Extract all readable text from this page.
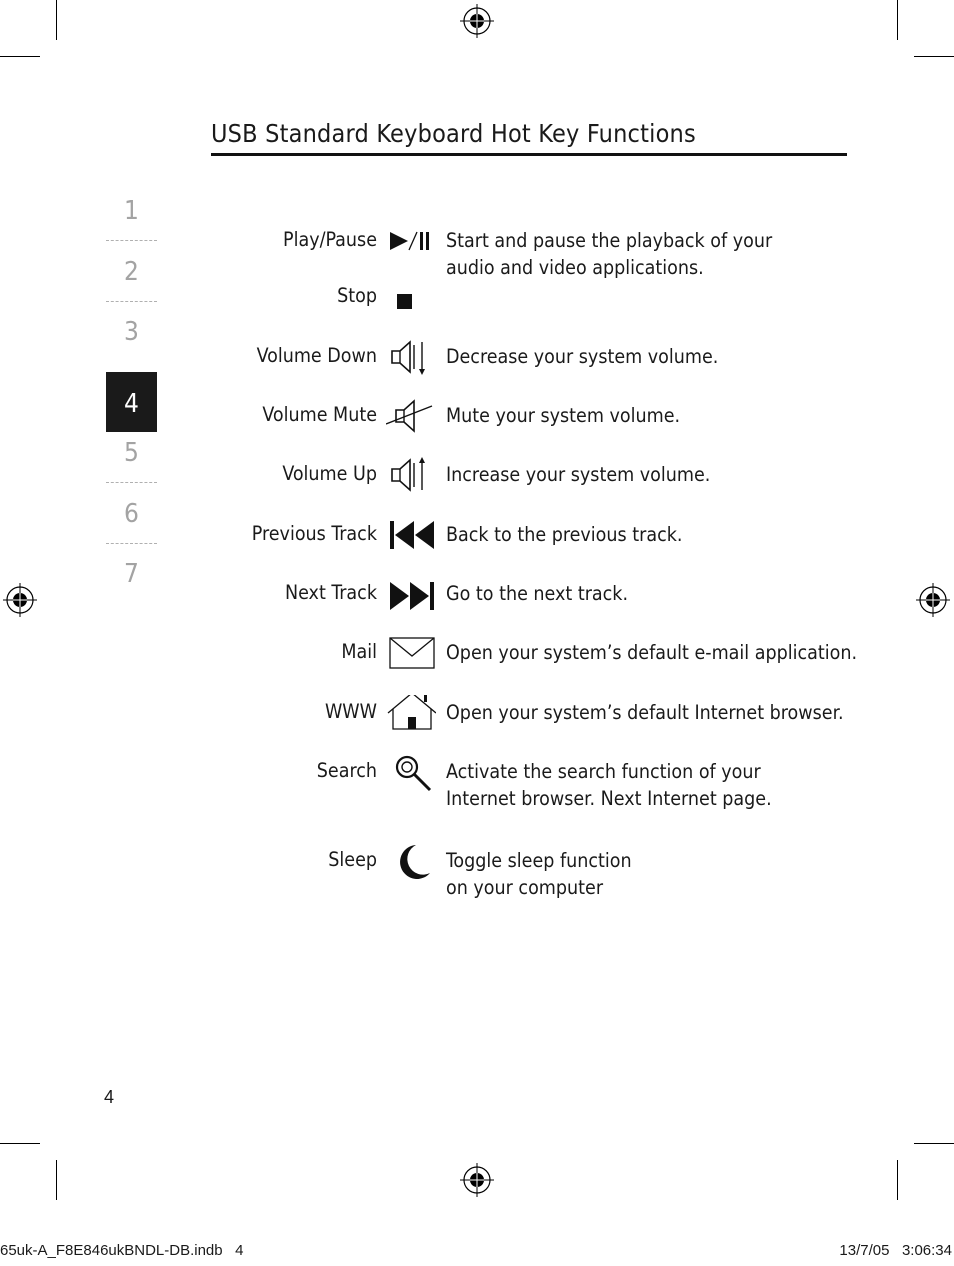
USB Standard Keyboard Hot Key Functions
1
2
3
4
5
6
7
Play/Pause	Start and pause the playback of your
audio and video applications.
Stop
Volume Down	Decrease your system volume.
Volume Mute	Mute your system volume.
Volume Up	Increase your system volume.
Previous Track	Back to the previous track.
Next Track	Go to the next track.
Mail	Open your system’s default e-mail application.
WWW	Open your system’s default Internet browser.
Search	Activate the search function of your
Internet browser. Next Internet page.
Sleep	Toggle sleep function
on your computer
4
65uk-A_F8E846ukBNDL-DB.indb   4	13/7/05   3:06:34
